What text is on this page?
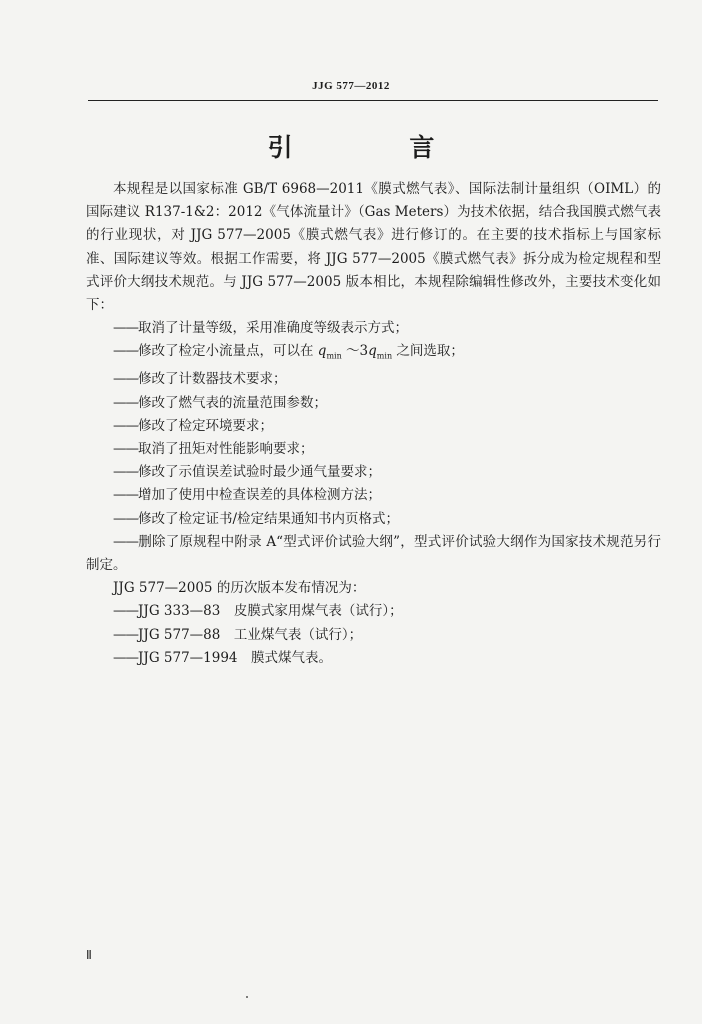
JJG 577—2012
引 言

本规程是以国家标准 GB/T 6968—2011《膜式燃气表》、国际法制计量组织（OIML）的国际建议 R137-1&2：2012《气体流量计》（Gas Meters）为技术依据，结合我国膜式燃气表的行业现状，对 JJG 577—2005《膜式燃气表》进行修订的。在主要的技术指标上与国家标准、国际建议等效。根据工作需要，将 JJG 577—2005《膜式燃气表》拆分成为检定规程和型式评价大纲技术规范。与 JJG 577—2005 版本相比，本规程除编辑性修改外，主要技术变化如下：

——取消了计量等级，采用准确度等级表示方式；

——修改了检定小流量点，可以在 $q_{min}$ $\sim 3q_{min}$ 之间选取；

——修改了计数器技术要求；

——修改了燃气表的流量范围参数；

——修改了检定环境要求；

——取消了扭矩对性能影响要求；

——修改了示值误差试验时最少通气量要求；

——增加了使用中检查误差的具体检测方法；

——修改了检定证书/检定结果通知书内页格式；

——删除了原规程中附录 A“型式评价试验大纲”，型式评价试验大纲作为国家技术规范另行制定。

JJG 577—2005 的历次版本发布情况为：

——JJG 333—83　皮膜式家用煤气表（试行）；

——JJG 577—88　工业煤气表（试行）；

——JJG 577—1994　膜式煤气表。

Ⅱ
